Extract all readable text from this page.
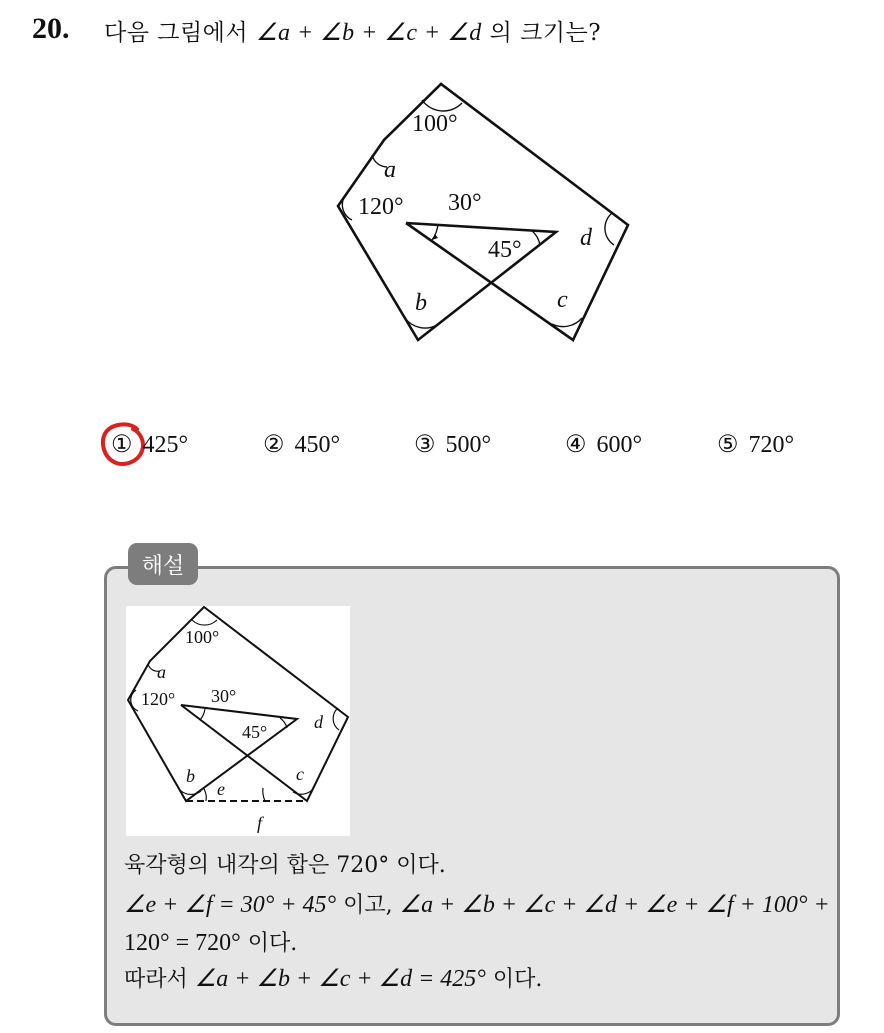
20. 다음 그림에서 ∠a + ∠b + ∠c + ∠d 의 크기는?
100°
a
120° 30°
45°
b	c
d
① 425°	② 450°	③ 500°	④ 600°	⑤ 720°
해설
100°
a
120° 30°
45°
b
e
c
d
f
육각형의 내각의 합은 720° 이다.
∠e + ∠f = 30° + 45° 이고, ∠a + ∠b + ∠c + ∠d + ∠e + ∠f + 100° +
120° = 720° 이다.
따라서 ∠a + ∠b + ∠c + ∠d = 425° 이다.
